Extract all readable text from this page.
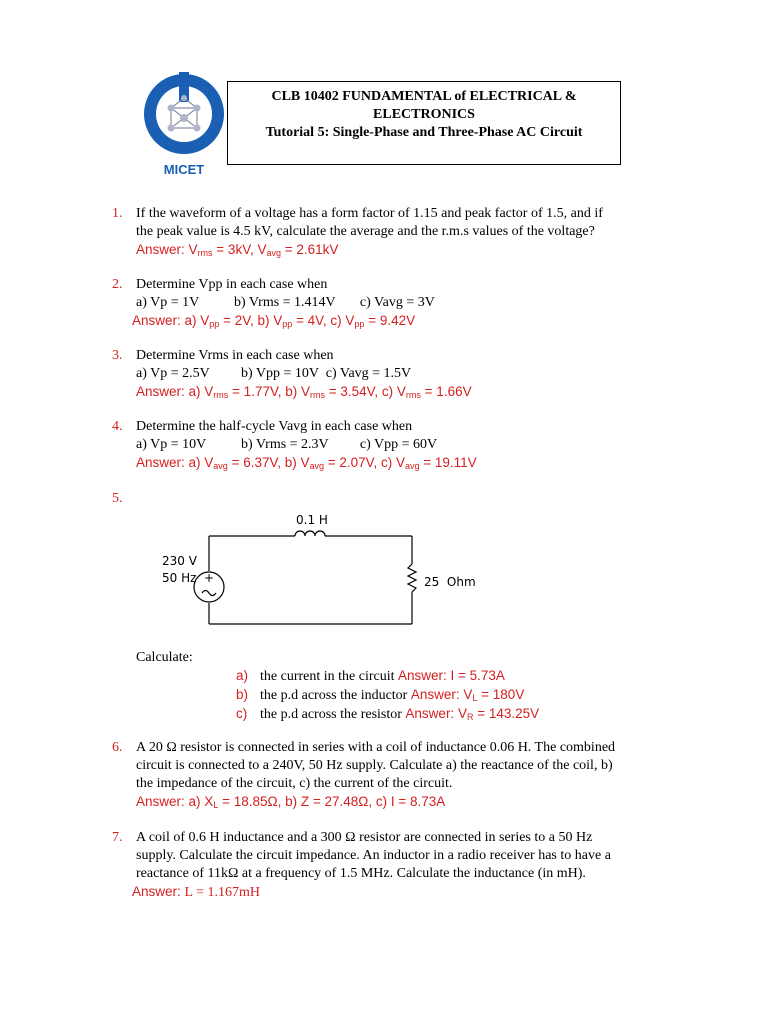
MICET
CLB 10402 FUNDAMENTAL of ELECTRICAL &
ELECTRONICS
Tutorial 5: Single-Phase and Three-Phase AC Circuit
1. If the waveform of a voltage has a form factor of 1.15 and peak factor of 1.5, and if
the peak value is 4.5 kV, calculate the average and the r.m.s values of the voltage?
Answer: $V_{rms} = 3kV$, $V_{avg} = 2.61kV$
2. Determine Vpp in each case when
a) Vp = 1V          b) Vrms = 1.414V       c) Vavg = 3V
Answer: a) $V_{pp} = 2V$, b) $V_{pp} = 4V$, c) $V_{pp} = 9.42V$
3. Determine Vrms in each case when
a) Vp = 2.5V         b) Vpp = 10V  c) Vavg = 1.5V
Answer: a) $V_{rms} = 1.77V$, b) $V_{rms} = 3.54V$, c) $V_{rms} = 1.66V$
4. Determine the half-cycle Vavg in each case when
a) Vp = 10V          b) Vrms = 2.3V         c) Vpp = 60V
Answer: a) $V_{avg} = 6.37V$, b) $V_{avg} = 2.07V$, c) $V_{avg} = 19.11V$
5.
+
0.1 H
230 V
50 Hz	25  Ohm
Calculate:
a) the current in the circuit Answer: I = 5.73A
b) the p.d across the inductor Answer: $V_L = 180V$
c) the p.d across the resistor Answer: $V_R = 143.25V$
6. A 20 Ω resistor is connected in series with a coil of inductance 0.06 H. The combined
circuit is connected to a 240V, 50 Hz supply. Calculate a) the reactance of the coil, b)
the impedance of the circuit, c) the current of the circuit.
Answer: a) $X_L = 18.85\Omega$, b) Z = 27.48Ω, c) I = 8.73A
7. A coil of 0.6 H inductance and a 300 Ω resistor are connected in series to a 50 Hz
supply. Calculate the circuit impedance. An inductor in a radio receiver has to have a
reactance of 11kΩ at a frequency of 1.5 MHz. Calculate the inductance (in mH).
Answer: L = 1.167mH
